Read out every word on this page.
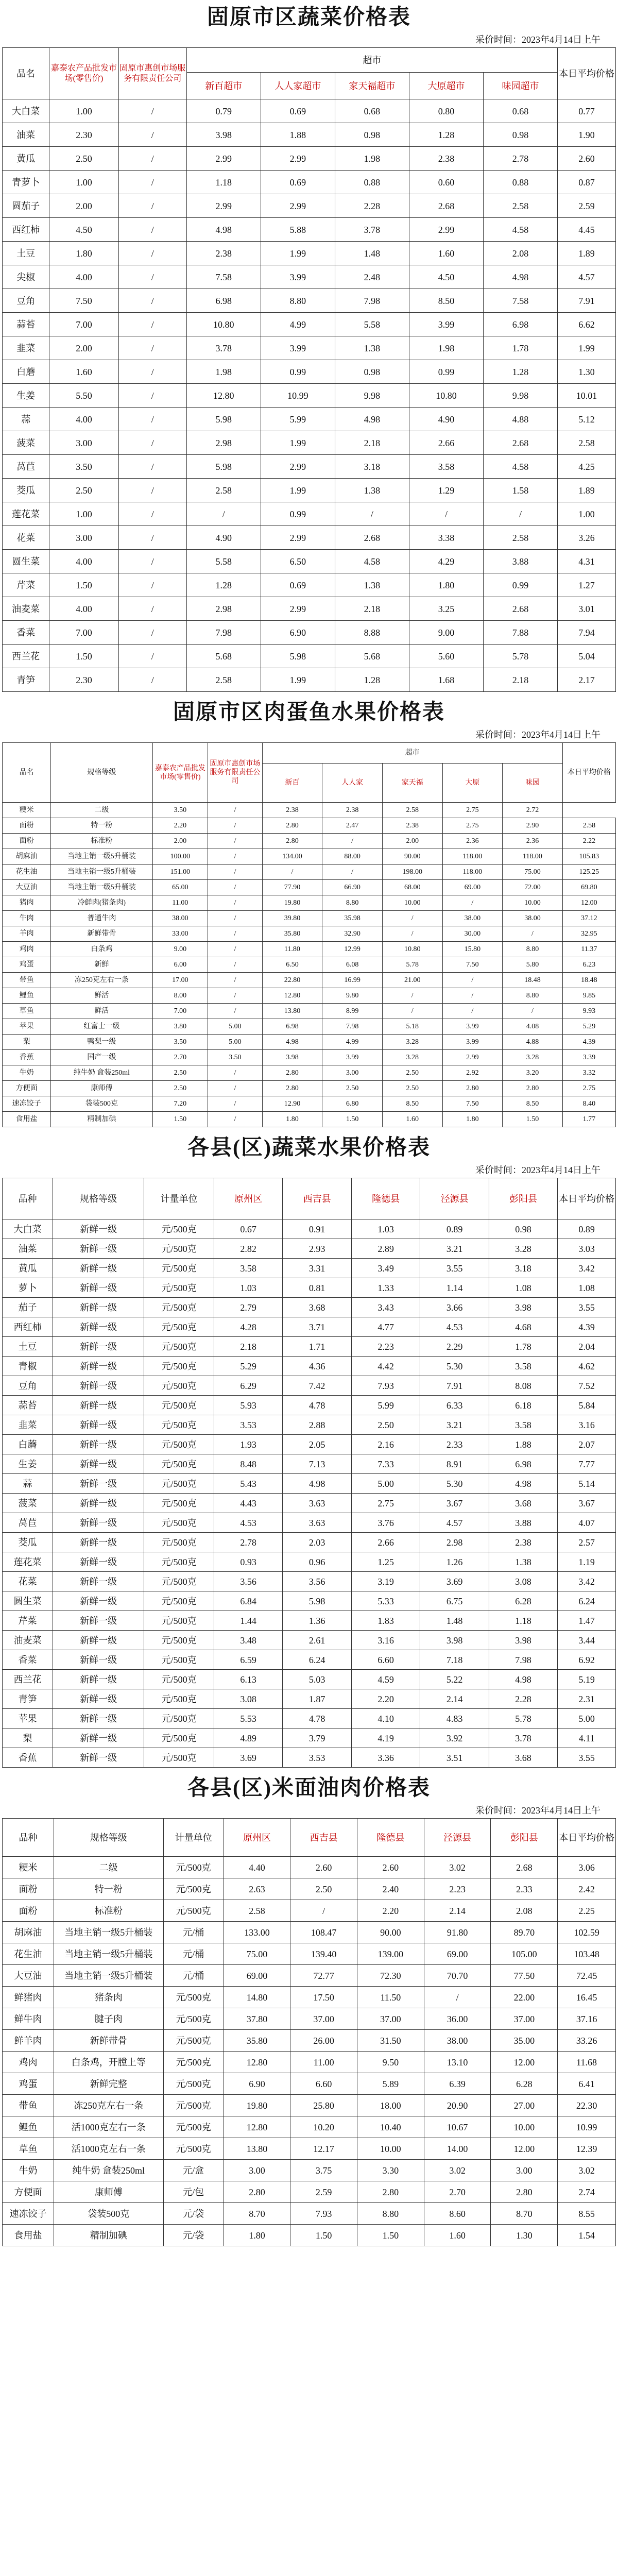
固原市区蔬菜价格表
采价时间：2023年4月14日上午
品名	嘉泰农产品批发市场(零售价)	固原市惠创市场服务有限责任公司	超市					本日平均价格
			新百超市	人人家超市	家天福超市	大原超市	味园超市	
大白菜	1.00	/	0.79	0.69	0.68	0.80	0.68	0.77
油菜	2.30	/	3.98	1.88	0.98	1.28	0.98	1.90
黄瓜	2.50	/	2.99	2.99	1.98	2.38	2.78	2.60
青萝卜	1.00	/	1.18	0.69	0.88	0.60	0.88	0.87
圆茄子	2.00	/	2.99	2.99	2.28	2.68	2.58	2.59
西红柿	4.50	/	4.98	5.88	3.78	2.99	4.58	4.45
土豆	1.80	/	2.38	1.99	1.48	1.60	2.08	1.89
尖椒	4.00	/	7.58	3.99	2.48	4.50	4.98	4.57
豆角	7.50	/	6.98	8.80	7.98	8.50	7.58	7.91
蒜苔	7.00	/	10.80	4.99	5.58	3.99	6.98	6.62
韭菜	2.00	/	3.78	3.99	1.38	1.98	1.78	1.99
白蘑	1.60	/	1.98	0.99	0.98	0.99	1.28	1.30
生姜	5.50	/	12.80	10.99	9.98	10.80	9.98	10.01
蒜	4.00	/	5.98	5.99	4.98	4.90	4.88	5.12
菠菜	3.00	/	2.98	1.99	2.18	2.66	2.68	2.58
莴苣	3.50	/	5.98	2.99	3.18	3.58	4.58	4.25
茭瓜	2.50	/	2.58	1.99	1.38	1.29	1.58	1.89
莲花菜	1.00	/	/	0.99	/	/	/	1.00
花菜	3.00	/	4.90	2.99	2.68	3.38	2.58	3.26
圆生菜	4.00	/	5.58	6.50	4.58	4.29	3.88	4.31
芹菜	1.50	/	1.28	0.69	1.38	1.80	0.99	1.27
油麦菜	4.00	/	2.98	2.99	2.18	3.25	2.68	3.01
香菜	7.00	/	7.98	6.90	8.88	9.00	7.88	7.94
西兰花	1.50	/	5.68	5.98	5.68	5.60	5.78	5.04
青笋	2.30	/	2.58	1.99	1.28	1.68	2.18	2.17
固原市区肉蛋鱼水果价格表
采价时间：2023年4月14日上午
品名	规格等级	嘉泰农产品批发市场(零售价)	固原市惠创市场服务有限责任公司	超市					本日平均价格
				新百	人人家	家天福	大原	味园	
粳米	二级	3.50	/	2.38	2.38	2.58	2.75	2.72	
面粉	特一粉	2.20	/	2.80	2.47	2.38	2.75	2.90	2.58
面粉	标准粉	2.00	/	2.80	/	2.00	2.36	2.36	2.22
胡麻油	当地主销一级5升桶装	100.00	/	134.00	88.00	90.00	118.00	118.00	105.83
花生油	当地主销一级5升桶装	151.00	/	/	/	198.00	118.00	75.00	125.25
大豆油	当地主销一级5升桶装	65.00	/	77.90	66.90	68.00	69.00	72.00	69.80
猪肉	冷鲜肉(猪条肉)	11.00	/	19.80	8.80	10.00	/	10.00	12.00
牛肉	普通牛肉	38.00	/	39.80	35.98	/	38.00	38.00	37.12
羊肉	新鲜带骨	33.00	/	35.80	32.90	/	30.00	/	32.95
鸡肉	白条鸡	9.00	/	11.80	12.99	10.80	15.80	8.80	11.37
鸡蛋	新鲜	6.00	/	6.50	6.08	5.78	7.50	5.80	6.23
带鱼	冻250克左右一条	17.00	/	22.80	16.99	21.00	/	18.48	18.48
鲤鱼	鲜活	8.00	/	12.80	9.80	/	/	8.80	9.85
草鱼	鲜活	7.00	/	13.80	8.99	/	/	/	9.93
苹果	红富士一级	3.80	5.00	6.98	7.98	5.18	3.99	4.08	5.29
梨	鸭梨一级	3.50	5.00	4.98	4.99	3.28	3.99	4.88	4.39
香蕉	国产一级	2.70	3.50	3.98	3.99	3.28	2.99	3.28	3.39
牛奶	纯牛奶 盒装250ml	2.50	/	2.80	3.00	2.50	2.92	3.20	3.32
方便面	康师傅	2.50	/	2.80	2.50	2.50	2.80	2.80	2.75
速冻饺子	袋装500克	7.20	/	12.90	6.80	8.50	7.50	8.50	8.40
食用盐	精制加碘	1.50	/	1.80	1.50	1.60	1.80	1.50	1.77
各县(区)蔬菜水果价格表
采价时间：2023年4月14日上午
品种	规格等级	计量单位	原州区	西吉县	隆德县	泾源县	彭阳县	本日平均价格
大白菜	新鲜一级	元/500克	0.67	0.91	1.03	0.89	0.98	0.89
油菜	新鲜一级	元/500克	2.82	2.93	2.89	3.21	3.28	3.03
黄瓜	新鲜一级	元/500克	3.58	3.31	3.49	3.55	3.18	3.42
萝卜	新鲜一级	元/500克	1.03	0.81	1.33	1.14	1.08	1.08
茄子	新鲜一级	元/500克	2.79	3.68	3.43	3.66	3.98	3.55
西红柿	新鲜一级	元/500克	4.28	3.71	4.77	4.53	4.68	4.39
土豆	新鲜一级	元/500克	2.18	1.71	2.23	2.29	1.78	2.04
青椒	新鲜一级	元/500克	5.29	4.36	4.42	5.30	3.58	4.62
豆角	新鲜一级	元/500克	6.29	7.42	7.93	7.91	8.08	7.52
蒜苔	新鲜一级	元/500克	5.93	4.78	5.99	6.33	6.18	5.84
韭菜	新鲜一级	元/500克	3.53	2.88	2.50	3.21	3.58	3.16
白蘑	新鲜一级	元/500克	1.93	2.05	2.16	2.33	1.88	2.07
生姜	新鲜一级	元/500克	8.48	7.13	7.33	8.91	6.98	7.77
蒜	新鲜一级	元/500克	5.43	4.98	5.00	5.30	4.98	5.14
菠菜	新鲜一级	元/500克	4.43	3.63	2.75	3.67	3.68	3.67
莴苣	新鲜一级	元/500克	4.53	3.63	3.76	4.57	3.88	4.07
茭瓜	新鲜一级	元/500克	2.78	2.03	2.66	2.98	2.38	2.57
莲花菜	新鲜一级	元/500克	0.93	0.96	1.25	1.26	1.38	1.19
花菜	新鲜一级	元/500克	3.56	3.56	3.19	3.69	3.08	3.42
圆生菜	新鲜一级	元/500克	6.84	5.98	5.33	6.75	6.28	6.24
芹菜	新鲜一级	元/500克	1.44	1.36	1.83	1.48	1.18	1.47
油麦菜	新鲜一级	元/500克	3.48	2.61	3.16	3.98	3.98	3.44
香菜	新鲜一级	元/500克	6.59	6.24	6.60	7.18	7.98	6.92
西兰花	新鲜一级	元/500克	6.13	5.03	4.59	5.22	4.98	5.19
青笋	新鲜一级	元/500克	3.08	1.87	2.20	2.14	2.28	2.31
苹果	新鲜一级	元/500克	5.53	4.78	4.10	4.83	5.78	5.00
梨	新鲜一级	元/500克	4.89	3.79	4.19	3.92	3.78	4.11
香蕉	新鲜一级	元/500克	3.69	3.53	3.36	3.51	3.68	3.55
各县(区)米面油肉价格表
采价时间：2023年4月14日上午
品种	规格等级	计量单位	原州区	西吉县	隆德县	泾源县	彭阳县	本日平均价格
粳米	二级	元/500克	4.40	2.60	2.60	3.02	2.68	3.06
面粉	特一粉	元/500克	2.63	2.50	2.40	2.23	2.33	2.42
面粉	标准粉	元/500克	2.58	/	2.20	2.14	2.08	2.25
胡麻油	当地主销一级5升桶装	元/桶	133.00	108.47	90.00	91.80	89.70	102.59
花生油	当地主销一级5升桶装	元/桶	75.00	139.40	139.00	69.00	105.00	103.48
大豆油	当地主销一级5升桶装	元/桶	69.00	72.77	72.30	70.70	77.50	72.45
鲜猪肉	猪条肉	元/500克	14.80	17.50	11.50	/	22.00	16.45
鲜牛肉	腱子肉	元/500克	37.80	37.00	37.00	36.00	37.00	37.16
鲜羊肉	新鲜带骨	元/500克	35.80	26.00	31.50	38.00	35.00	33.26
鸡肉	白条鸡，开膛上等	元/500克	12.80	11.00	9.50	13.10	12.00	11.68
鸡蛋	新鲜完整	元/500克	6.90	6.60	5.89	6.39	6.28	6.41
带鱼	冻250克左右一条	元/500克	19.80	25.80	18.00	20.90	27.00	22.30
鲤鱼	活1000克左右一条	元/500克	12.80	10.20	10.40	10.67	10.00	10.99
草鱼	活1000克左右一条	元/500克	13.80	12.17	10.00	14.00	12.00	12.39
牛奶	纯牛奶 盒装250ml	元/盒	3.00	3.75	3.30	3.02	3.00	3.02
方便面	康师傅	元/包	2.80	2.59	2.80	2.70	2.80	2.74
速冻饺子	袋装500克	元/袋	8.70	7.93	8.80	8.60	8.70	8.55
食用盐	精制加碘	元/袋	1.80	1.50	1.50	1.60	1.30	1.54
